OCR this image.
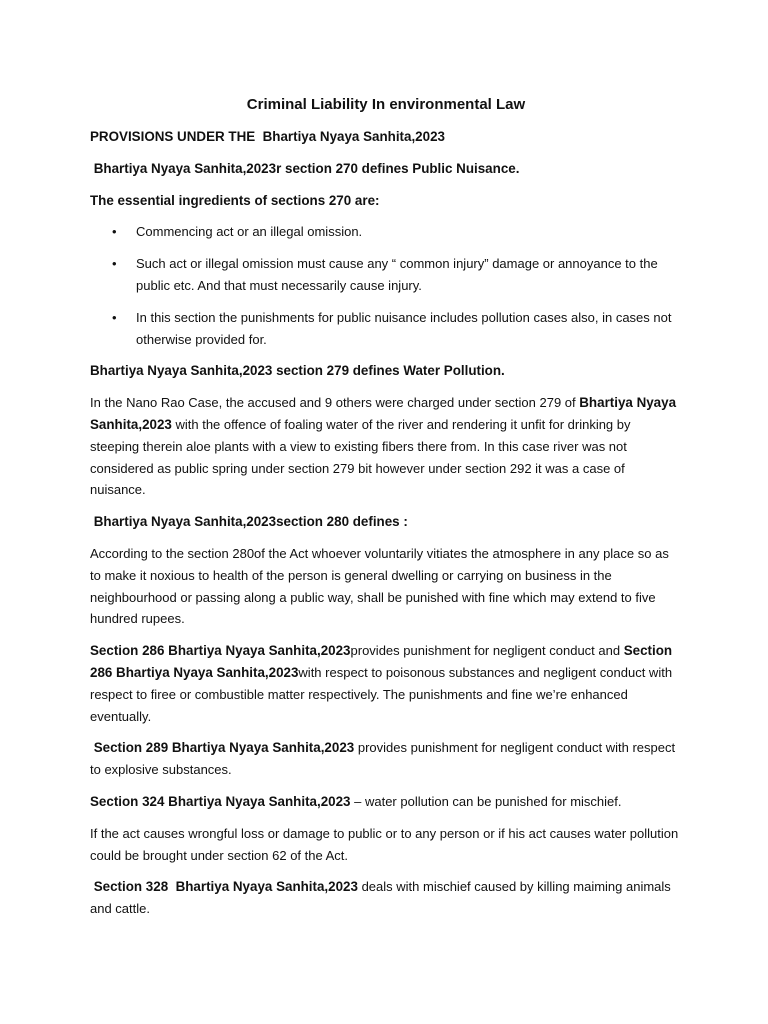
Criminal Liability In environmental Law
PROVISIONS UNDER THE  Bhartiya Nyaya Sanhita,2023
Bhartiya Nyaya Sanhita,2023r section 270 defines Public Nuisance.
The essential ingredients of sections 270 are:
• Commencing act or an illegal omission.
• Such act or illegal omission must cause any “ common injury” damage or annoyance to the public etc. And that must necessarily cause injury.
• In this section the punishments for public nuisance includes pollution cases also, in cases not otherwise provided for.
Bhartiya Nyaya Sanhita,2023 section 279 defines Water Pollution.
In the Nano Rao Case, the accused and 9 others were charged under section 279 of Bhartiya Nyaya Sanhita,2023 with the offence of foaling water of the river and rendering it unfit for drinking by steeping therein aloe plants with a view to existing fibers there from. In this case river was not considered as public spring under section 279 bit however under section 292 it was a case of nuisance.
Bhartiya Nyaya Sanhita,2023section 280 defines :
According to the section 280of the Act whoever voluntarily vitiates the atmosphere in any place so as to make it noxious to health of the person is general dwelling or carrying on business in the neighbourhood or passing along a public way, shall be punished with fine which may extend to five hundred rupees.
Section 286 Bhartiya Nyaya Sanhita,2023provides punishment for negligent conduct and Section 286 Bhartiya Nyaya Sanhita,2023with respect to poisonous substances and negligent conduct with respect to firee or combustible matter respectively. The punishments and fine we’re enhanced eventually.
Section 289 Bhartiya Nyaya Sanhita,2023 provides punishment for negligent conduct with respect to explosive substances.
Section 324 Bhartiya Nyaya Sanhita,2023 – water pollution can be punished for mischief.
If the act causes wrongful loss or damage to public or to any person or if his act causes water pollution could be brought under section 62 of the Act.
Section 328  Bhartiya Nyaya Sanhita,2023 deals with mischief caused by killing maiming animals and cattle.
